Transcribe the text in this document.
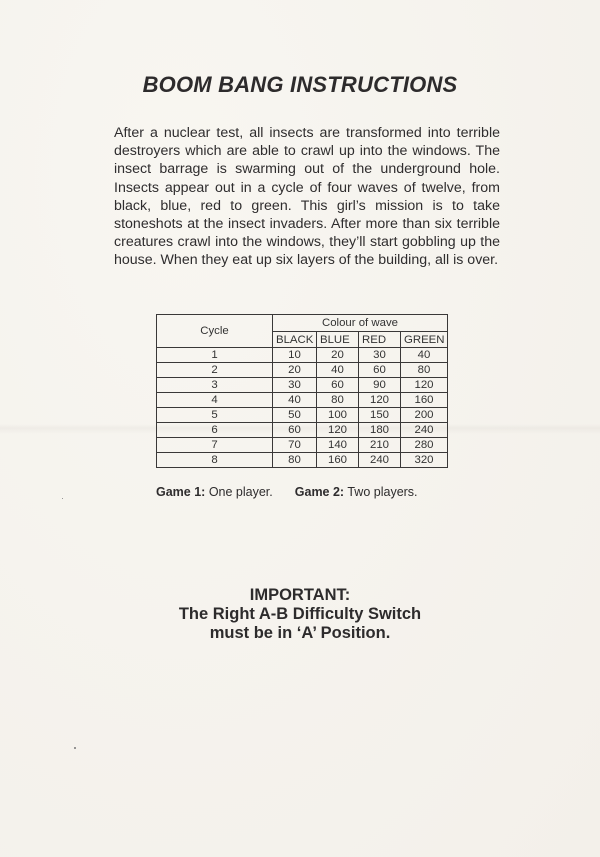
BOOM BANG INSTRUCTIONS
After a nuclear test, all insects are transformed into terrible destroyers which are able to crawl up into the windows. The insect barrage is swarming out of the underground hole. Insects appear out in a cycle of four waves of twelve, from black, blue, red to green. This girl’s mission is to take stoneshots at the insect invaders. After more than six terrible creatures crawl into the windows, they’ll start gobbling up the house. When they eat up six layers of the building, all is over.
Cycle	Colour of wave			
	BLACK	BLUE	RED	GREEN
1	10	20	30	40
2	20	40	60	80
3	30	60	90	120
4	40	80	120	160
5	50	100	150	200
6	60	120	180	240
7	70	140	210	280
8	80	160	240	320
Game 1: One player. Game 2: Two players.
IMPORTANT:
The Right A-B Difficulty Switch
must be in ‘A’ Position.
